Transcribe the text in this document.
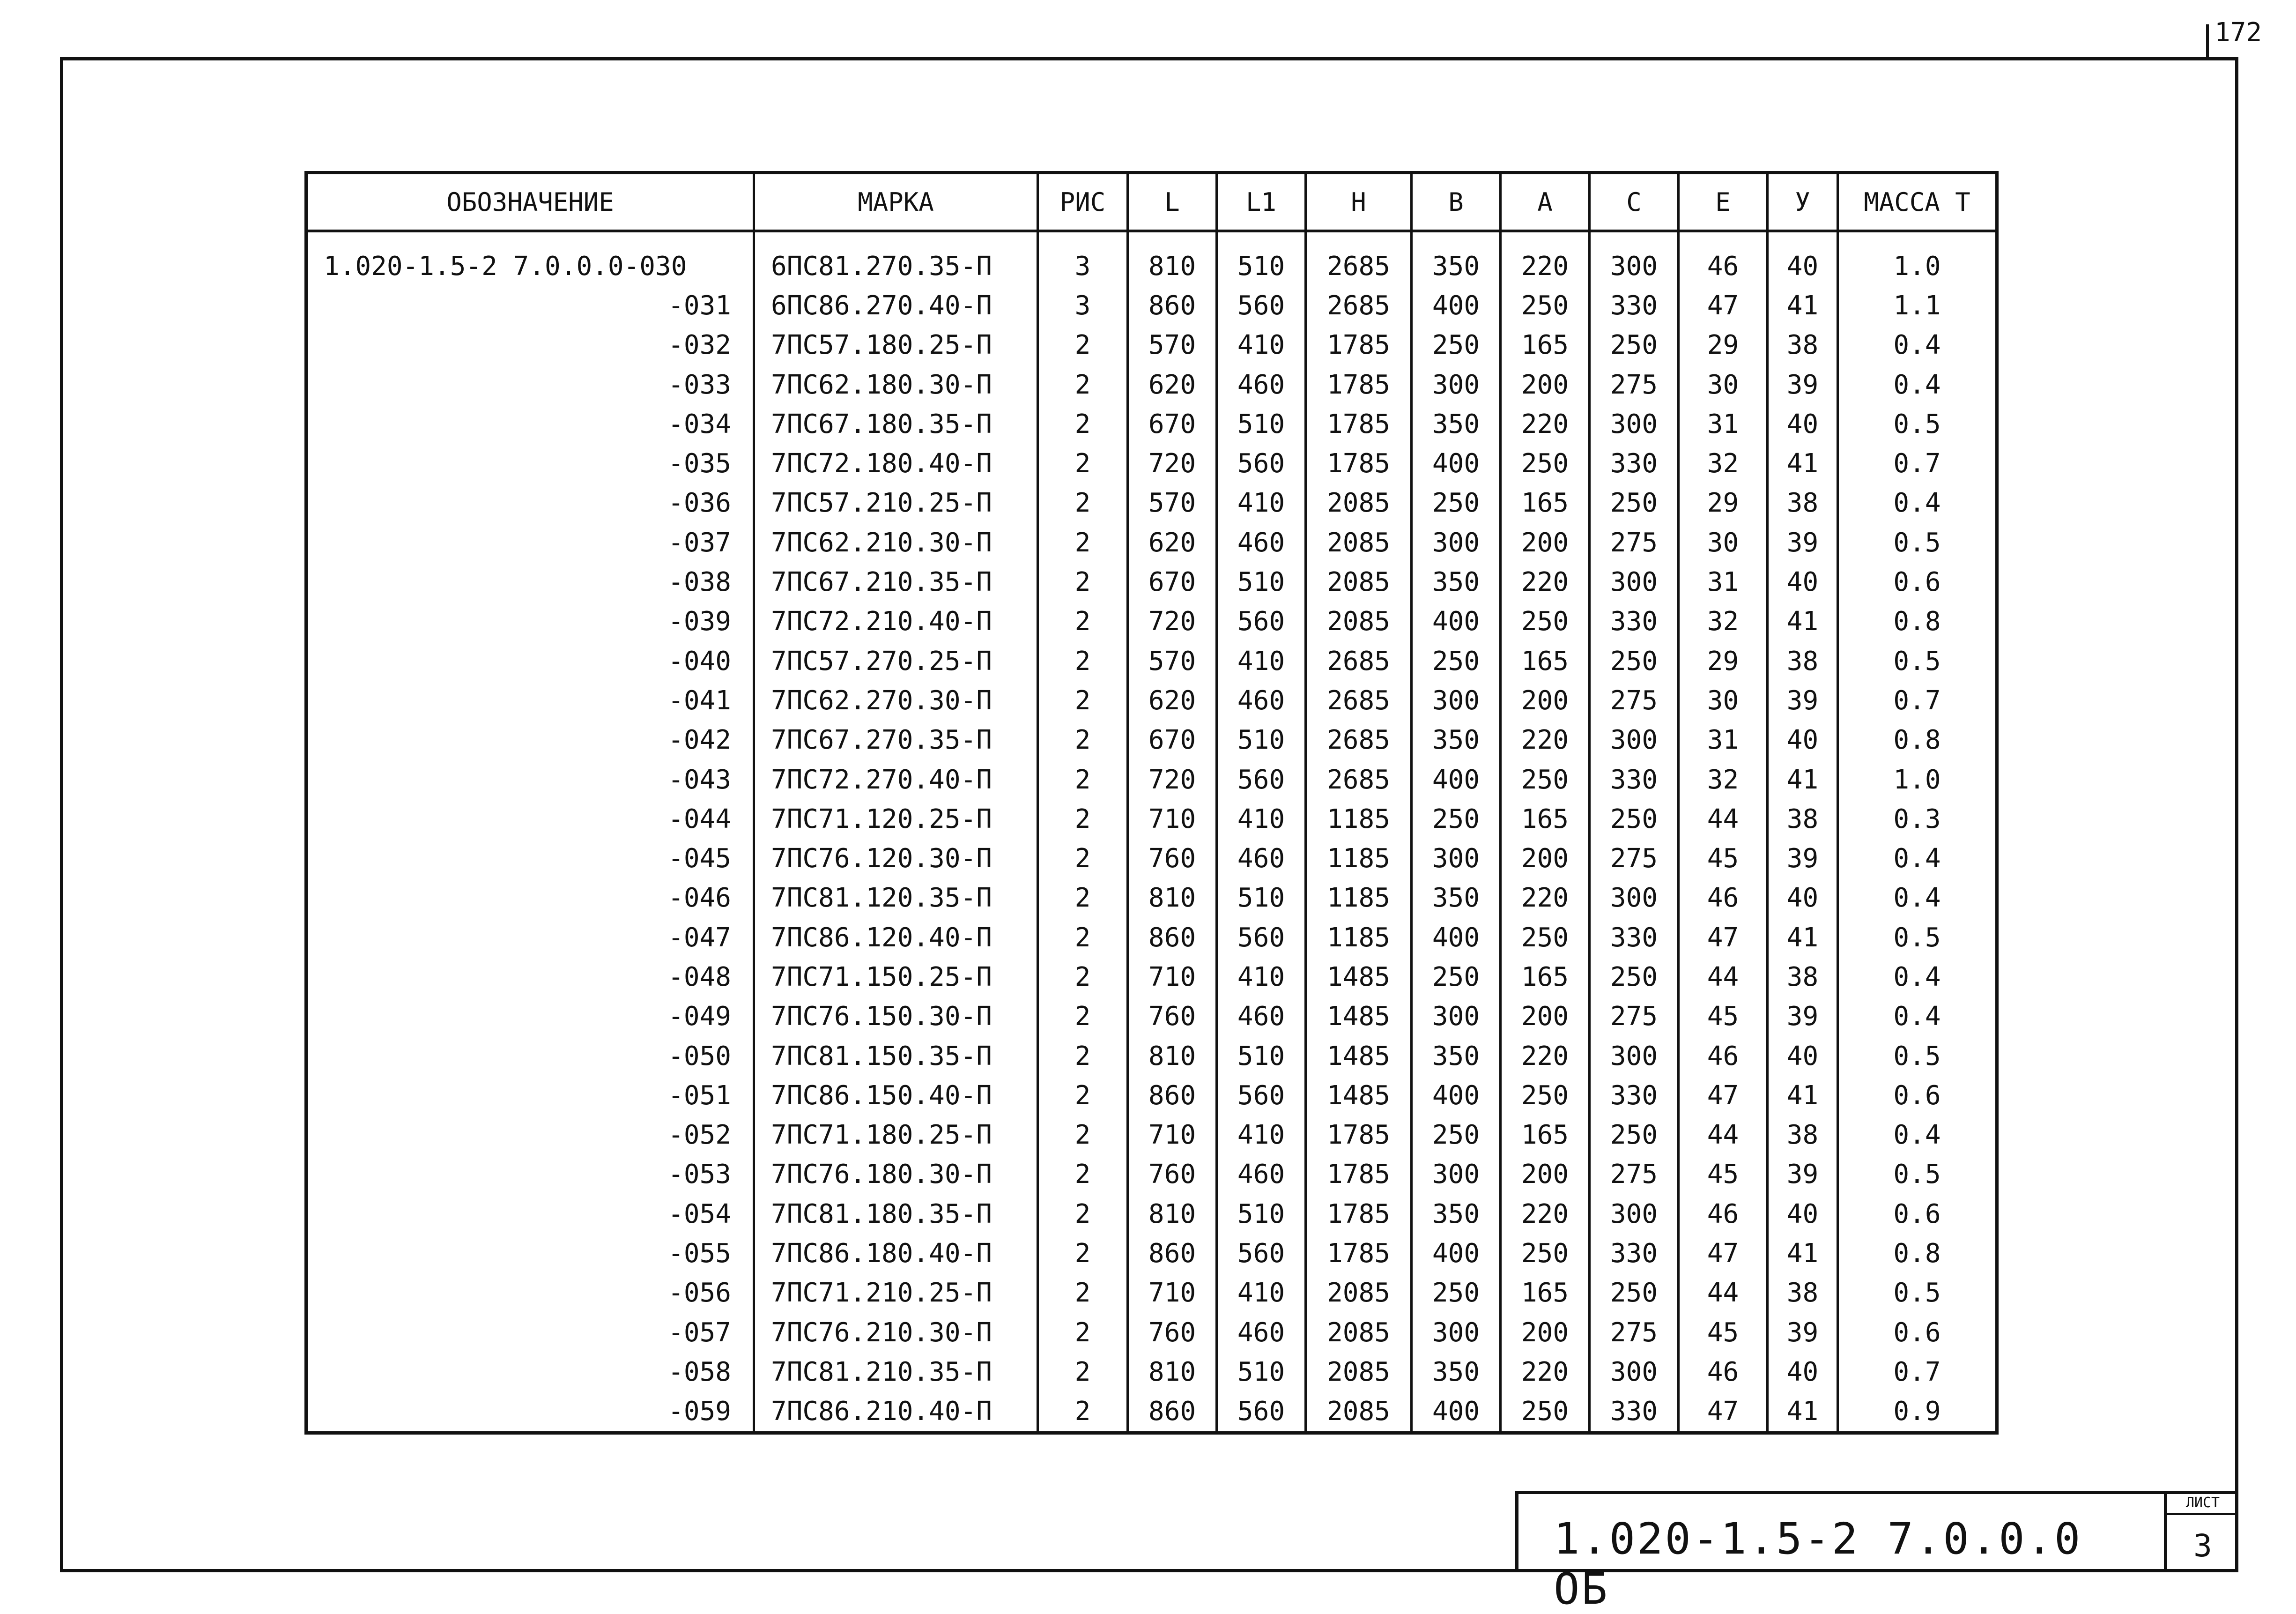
172
ОБОЗНАЧЕНИЕ	МАРКА	РИС	L	L1	H	B	A	C	E	У	МАССА Т
1.020-1.5-2 7.0.0.0-030	6ПС81.270.35-П	3	810	510	2685	350	220	300	46	40	1.0
-031	6ПС86.270.40-П	3	860	560	2685	400	250	330	47	41	1.1
-032	7ПС57.180.25-П	2	570	410	1785	250	165	250	29	38	0.4
-033	7ПС62.180.30-П	2	620	460	1785	300	200	275	30	39	0.4
-034	7ПС67.180.35-П	2	670	510	1785	350	220	300	31	40	0.5
-035	7ПС72.180.40-П	2	720	560	1785	400	250	330	32	41	0.7
-036	7ПС57.210.25-П	2	570	410	2085	250	165	250	29	38	0.4
-037	7ПС62.210.30-П	2	620	460	2085	300	200	275	30	39	0.5
-038	7ПС67.210.35-П	2	670	510	2085	350	220	300	31	40	0.6
-039	7ПС72.210.40-П	2	720	560	2085	400	250	330	32	41	0.8
-040	7ПС57.270.25-П	2	570	410	2685	250	165	250	29	38	0.5
-041	7ПС62.270.30-П	2	620	460	2685	300	200	275	30	39	0.7
-042	7ПС67.270.35-П	2	670	510	2685	350	220	300	31	40	0.8
-043	7ПС72.270.40-П	2	720	560	2685	400	250	330	32	41	1.0
-044	7ПС71.120.25-П	2	710	410	1185	250	165	250	44	38	0.3
-045	7ПС76.120.30-П	2	760	460	1185	300	200	275	45	39	0.4
-046	7ПС81.120.35-П	2	810	510	1185	350	220	300	46	40	0.4
-047	7ПС86.120.40-П	2	860	560	1185	400	250	330	47	41	0.5
-048	7ПС71.150.25-П	2	710	410	1485	250	165	250	44	38	0.4
-049	7ПС76.150.30-П	2	760	460	1485	300	200	275	45	39	0.4
-050	7ПС81.150.35-П	2	810	510	1485	350	220	300	46	40	0.5
-051	7ПС86.150.40-П	2	860	560	1485	400	250	330	47	41	0.6
-052	7ПС71.180.25-П	2	710	410	1785	250	165	250	44	38	0.4
-053	7ПС76.180.30-П	2	760	460	1785	300	200	275	45	39	0.5
-054	7ПС81.180.35-П	2	810	510	1785	350	220	300	46	40	0.6
-055	7ПС86.180.40-П	2	860	560	1785	400	250	330	47	41	0.8
-056	7ПС71.210.25-П	2	710	410	2085	250	165	250	44	38	0.5
-057	7ПС76.210.30-П	2	760	460	2085	300	200	275	45	39	0.6
-058	7ПС81.210.35-П	2	810	510	2085	350	220	300	46	40	0.7
-059	7ПС86.210.40-П	2	860	560	2085	400	250	330	47	41	0.9
1.020-1.5-2 7.0.0.0 ОБ
ЛИСТ
3
